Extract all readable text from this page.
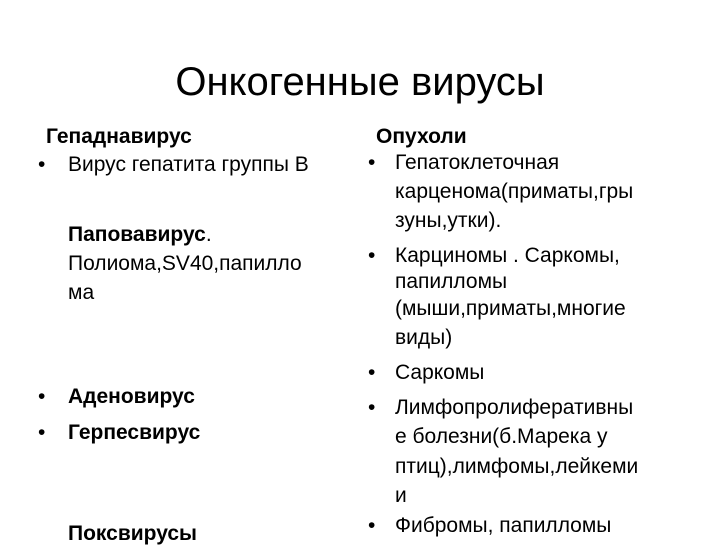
Онкогенные вирусы
Гепаднавирус
• Вирус гепатита группы В
Паповавирус.
Полиома,SV40,папилло
ма
• Аденовирус
• Герпесвирус
Поксвирусы
Опухоли
• Гепатоклеточная
карценома(приматы,гры
зуны,утки).
• Карциномы . Саркомы,
папилломы
(мыши,приматы,многие
виды)
• Саркомы
• Лимфопролиферативны
е болезни(б.Марека у
птиц),лимфомы,лейкеми
и
• Фибромы, папилломы
